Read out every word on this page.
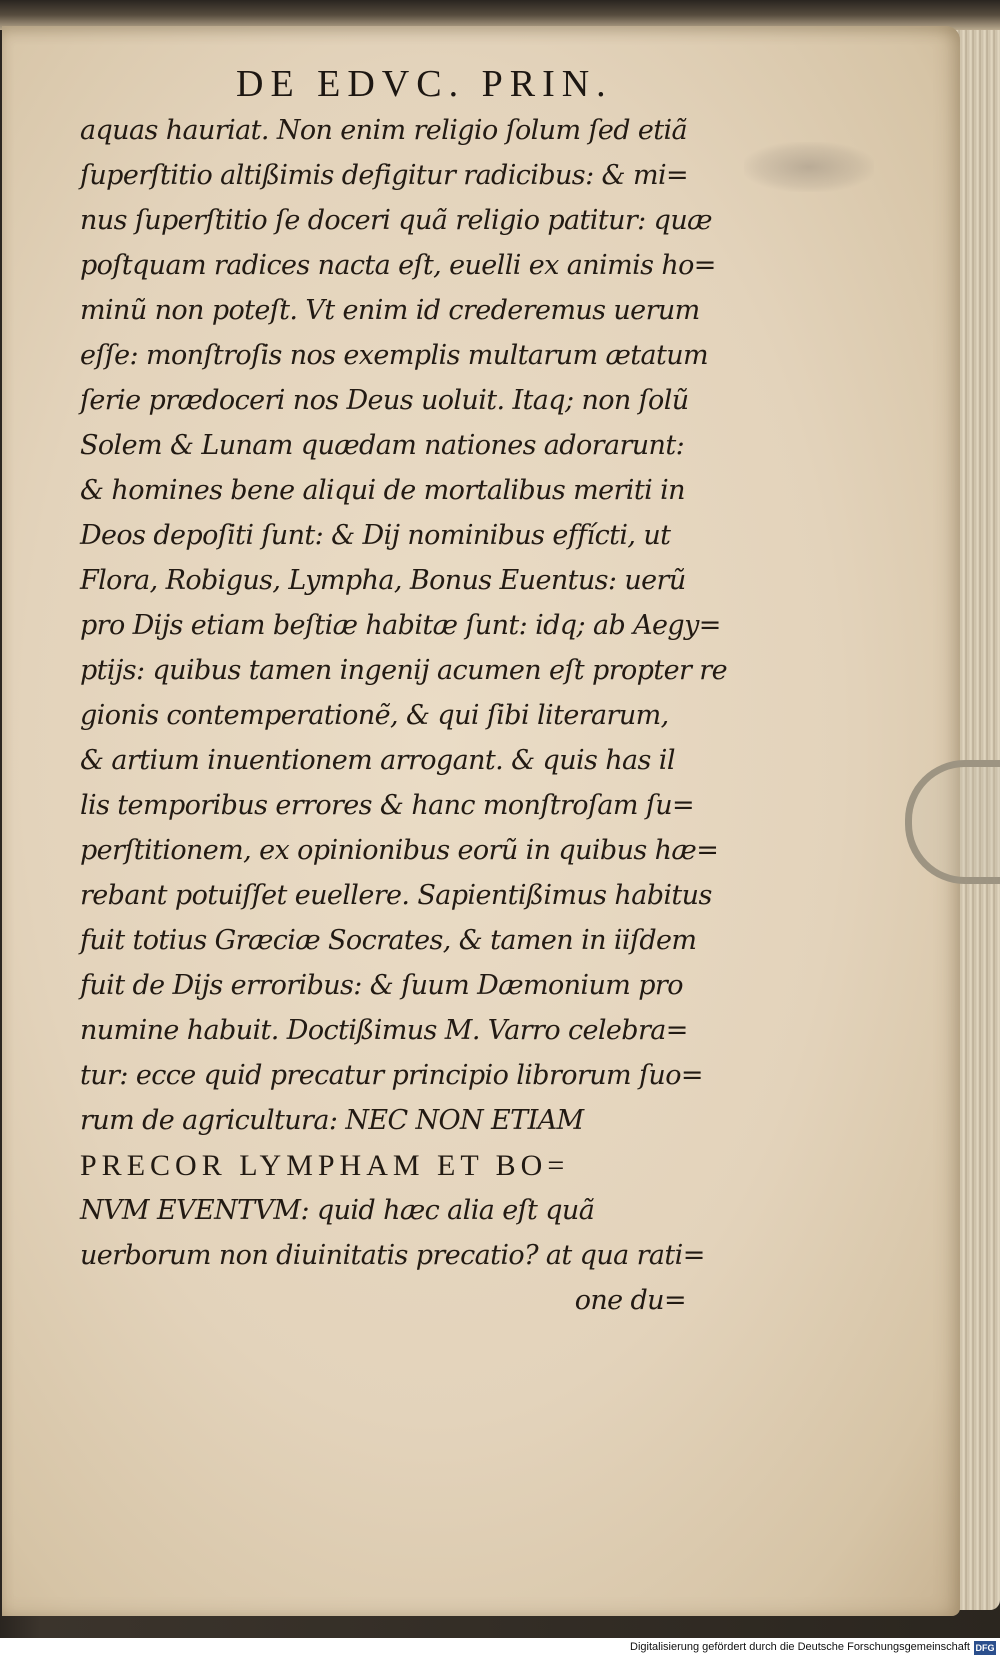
DE EDVC. PRIN.
aquas hauriat. Non enim religio ſolum ſed etiã
ſuperſtitio altißimis defigitur radicibus: & mi=
nus ſuperſtitio ſe doceri quã religio patitur: quæ
poſtquam radices nacta eſt, euelli ex animis ho=
minũ non poteſt. Vt enim id crederemus uerum
eſſe: monſtroſis nos exemplis multarum ætatum
ſerie prædoceri nos Deus uoluit. Itaq; non ſolũ
Solem & Lunam quædam nationes adorarunt:
& homines bene aliqui de mortalibus meriti in
Deos depoſiti ſunt: & Dij nominibus effícti, ut
Flora, Robigus, Lympha, Bonus Euentus: uerũ
pro Dijs etiam beſtiæ habitæ ſunt: idq; ab Aegy=
ptijs: quibus tamen ingenij acumen eſt propter re
gionis contemperationẽ, & qui ſibi literarum,
& artium inuentionem arrogant. & quis has il
lis temporibus errores & hanc monſtroſam ſu=
perſtitionem, ex opinionibus eorũ in quibus hæ=
rebant potuiſſet euellere. Sapientißimus habitus
fuit totius Græciæ Socrates, & tamen in iiſdem
fuit de Dijs erroribus: & ſuum Dæmonium pro
numine habuit. Doctißimus M. Varro celebra=
tur: ecce quid precatur principio librorum ſuo=
rum de agricultura: NEC NON ETIAM
PRECOR LYMPHAM ET BO=
NVM EVENTVM: quid hæc alia eſt quã
uerborum non diuinitatis precatio? at qua rati=
one du=
Digitalisierung gefördert durch die Deutsche Forschungsgemeinschaft DFG
